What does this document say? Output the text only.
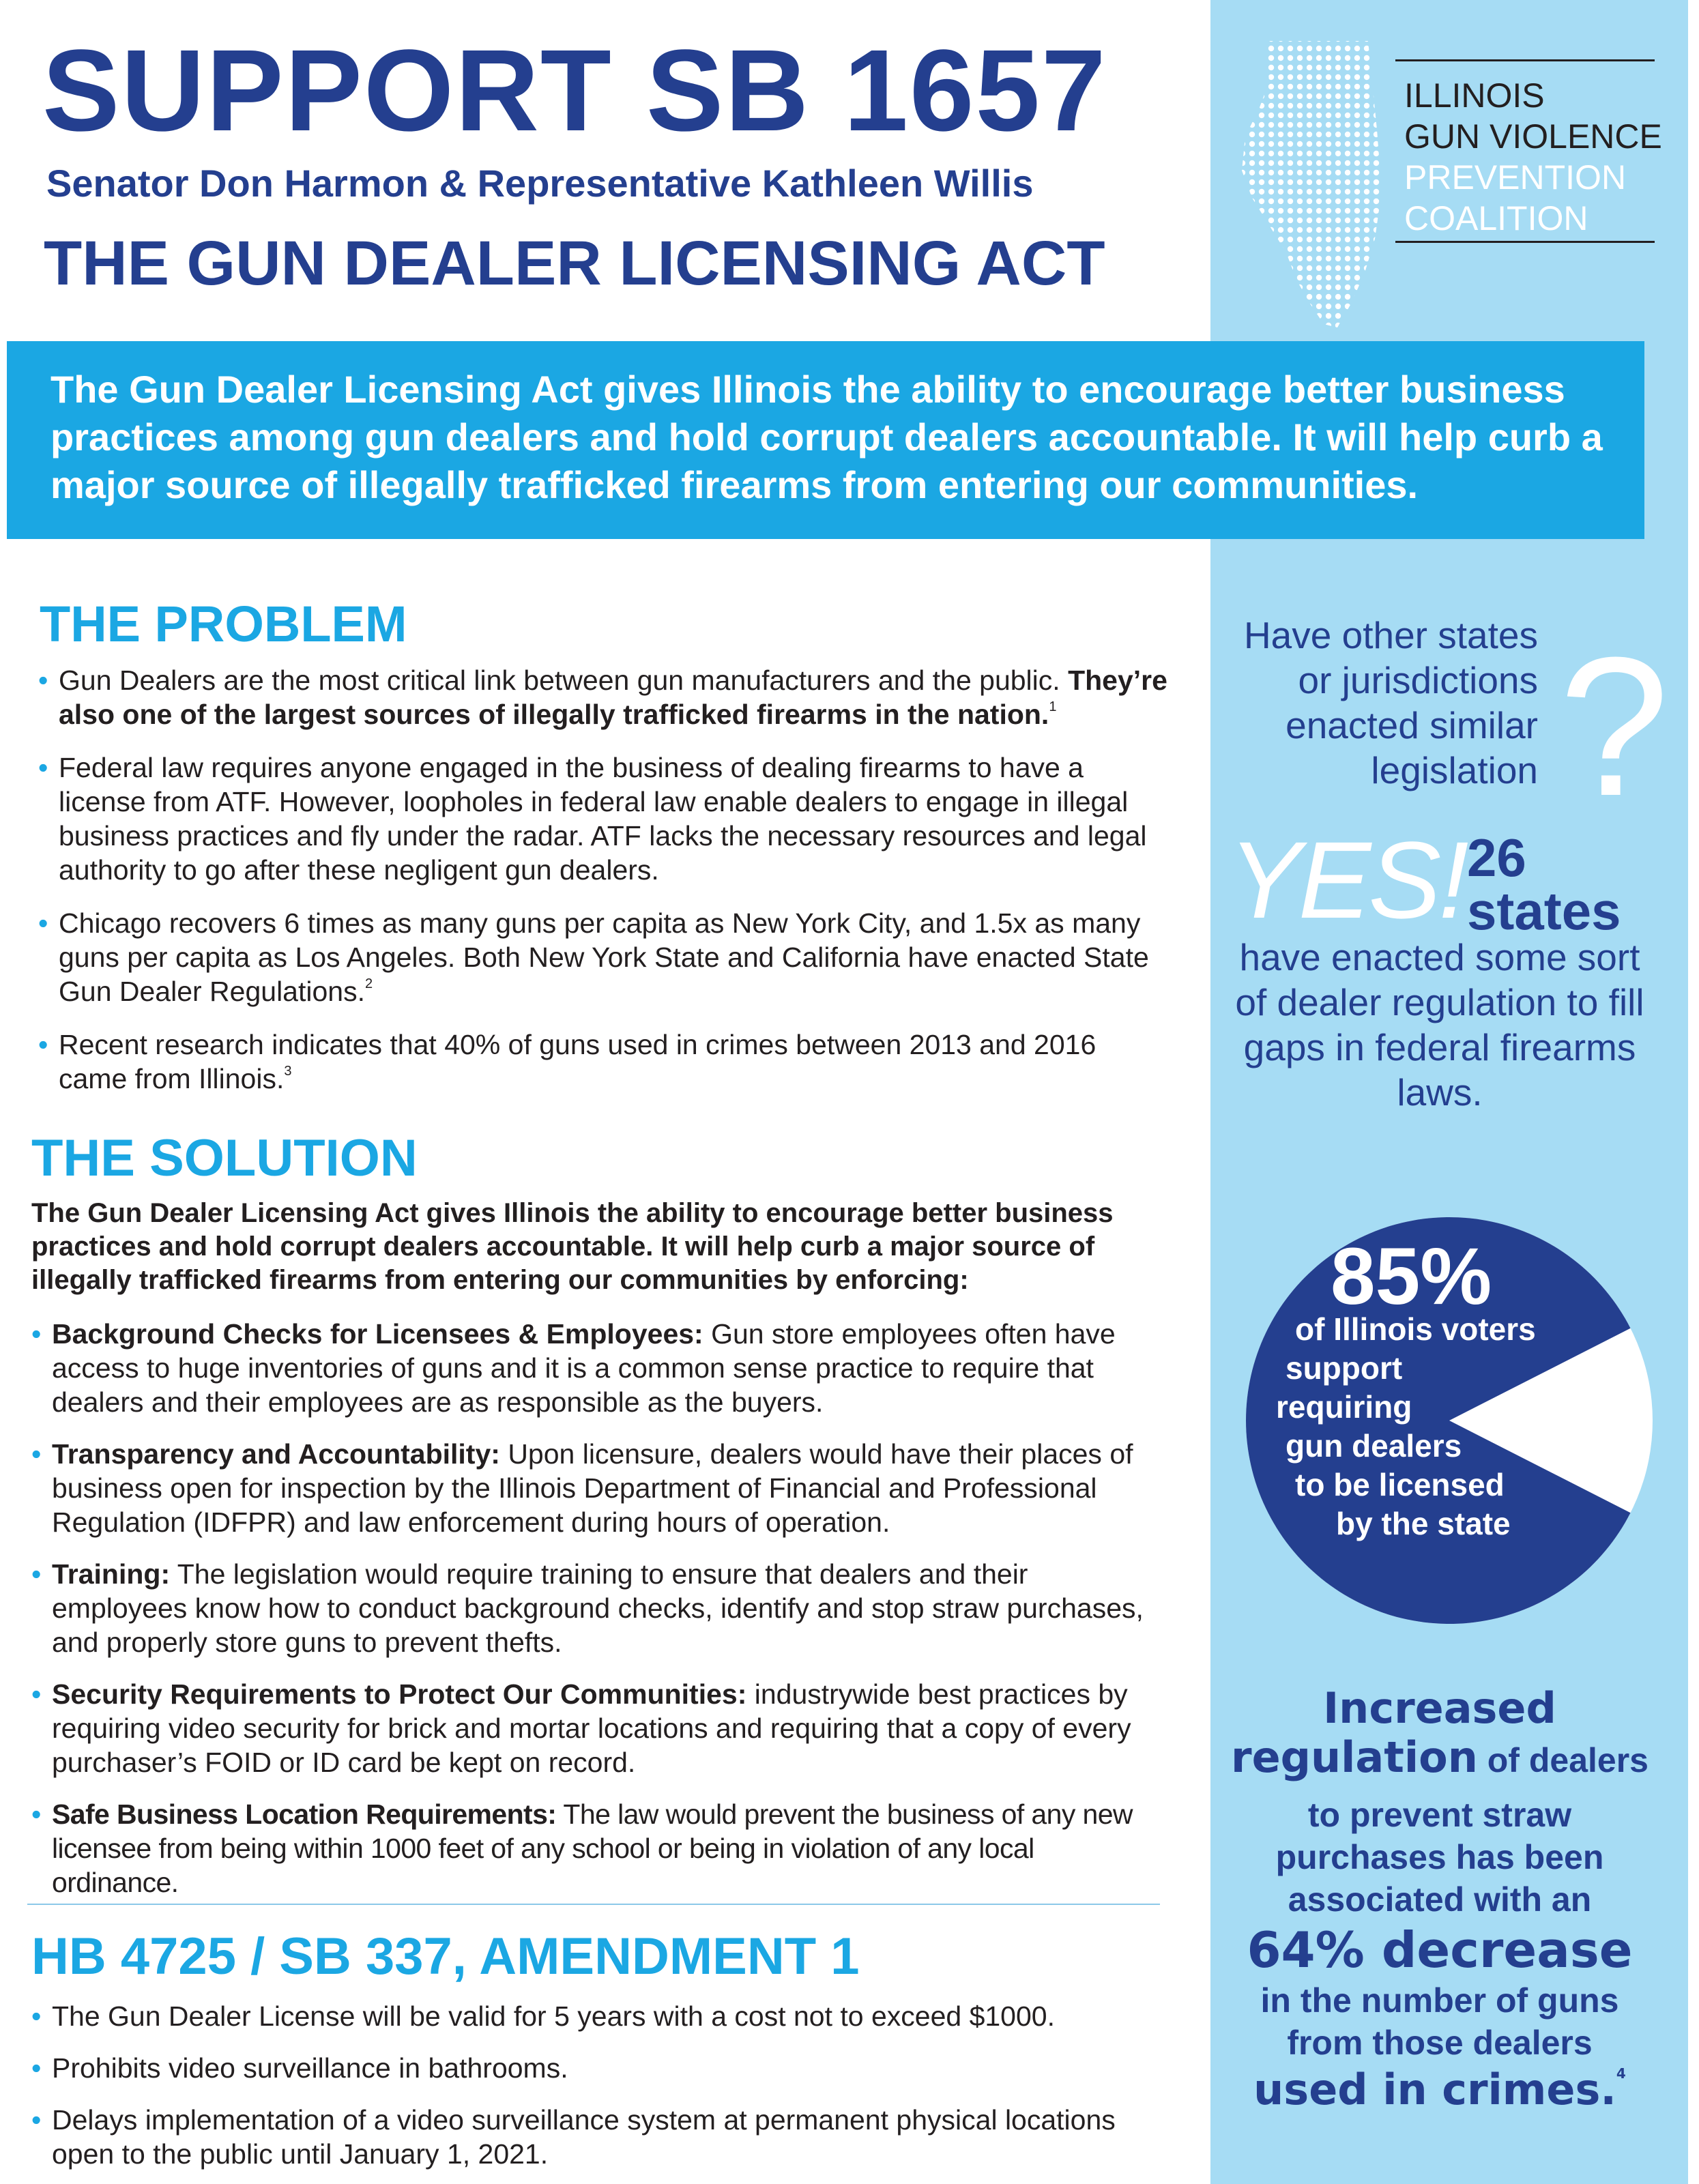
SUPPORT SB 1657
Senator Don Harmon & Representative Kathleen Willis
THE GUN DEALER LICENSING ACT
ILLINOIS
GUN VIOLENCE
PREVENTION
COALITION

The Gun Dealer Licensing Act gives Illinois the ability to encourage better business practices among gun dealers and hold corrupt dealers accountable. It will help curb a major source of illegally trafficked firearms from entering our communities.

THE PROBLEM
• Gun Dealers are the most critical link between gun manufacturers and the public. They’re also one of the largest sources of illegally trafficked firearms in the nation.$^1$
• Federal law requires anyone engaged in the business of dealing firearms to have a license from ATF. However, loopholes in federal law enable dealers to engage in illegal business practices and fly under the radar. ATF lacks the necessary resources and legal authority to go after these negligent gun dealers.
• Chicago recovers 6 times as many guns per capita as New York City, and 1.5x as many guns per capita as Los Angeles. Both New York State and California have enacted State Gun Dealer Regulations.$^2$
• Recent research indicates that 40% of guns used in crimes between 2013 and 2016 came from Illinois.$^3$
THE SOLUTION

The Gun Dealer Licensing Act gives Illinois the ability to encourage better business practices and hold corrupt dealers accountable. It will help curb a major source of illegally trafficked firearms from entering our communities by enforcing:

• Background Checks for Licensees & Employees: Gun store employees often have access to huge inventories of guns and it is a common sense practice to require that dealers and their employees are as responsible as the buyers.
• Transparency and Accountability: Upon licensure, dealers would have their places of business open for inspection by the Illinois Department of Financial and Professional Regulation (IDFPR) and law enforcement during hours of operation.
• Training: The legislation would require training to ensure that dealers and their employees know how to conduct background checks, identify and stop straw purchases, and properly store guns to prevent thefts.
• Security Requirements to Protect Our Communities: industrywide best practices by requiring video security for brick and mortar locations and requiring that a copy of every purchaser’s FOID or ID card be kept on record.
• Safe Business Location Requirements: The law would prevent the business of any new licensee from being within 1000 feet of any school or being in violation of any local ordinance.
HB 4725 / SB 337, AMENDMENT 1
• The Gun Dealer License will be valid for 5 years with a cost not to exceed $1000.
• Prohibits video surveillance in bathrooms.
• Delays implementation of a video surveillance system at permanent physical locations open to the public until January 1, 2021.
Have other states
or jurisdictions
enacted similar
legislation ?
YES! 26
states
have enacted some sort of dealer regulation to fill gaps in federal firearms laws.
85%
of Illinois voters
support
requiring
gun dealers
to be licensed
by the state
Increased
regulation of dealers
to prevent straw
purchases has been
associated with an
64% decrease
in the number of guns
from those dealers
used in crimes.$^4$
